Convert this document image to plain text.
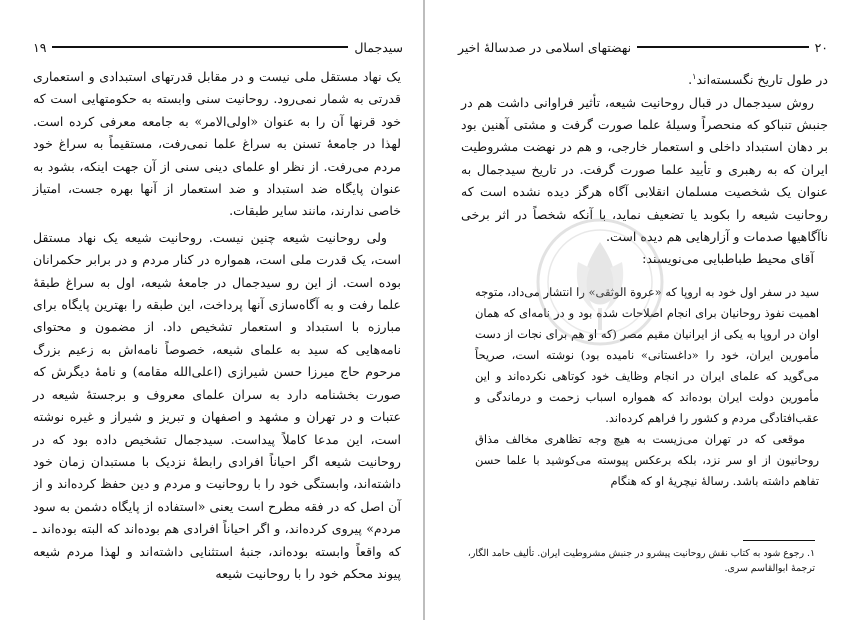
سیدجمال
۱۹

یک نهاد مستقل ملی نیست و در مقابل قدرتهای استبدادی و استعماری قدرتی به شمار نمی‌رود. روحانیت سنی وابسته به حکومتهایی است که خود قرنها آن را به عنوان «اولی‌الامر» به جامعه معرفی کرده است. لهذا در جامعهٔ تسنن به سراغ علما نمی‌رفت، مستقیماً به سراغ خود مردم می‌رفت. از نظر او علمای دینی سنی از آن جهت اینکه، بشود به عنوان پایگاه ضد استبداد و ضد استعمار از آنها بهره جست، امتیاز خاصی ندارند، مانند سایر طبقات.

ولی روحانیت شیعه چنین نیست. روحانیت شیعه یک نهاد مستقل است، یک قدرت ملی است، همواره در کنار مردم و در برابر حکمرانان بوده است. از این رو سیدجمال در جامعهٔ شیعه، اول به سراغ طبقهٔ علما رفت و به آگاه‌سازی آنها پرداخت، این طبقه را بهترین پایگاه برای مبارزه با استبداد و استعمار تشخیص داد. از مضمون و محتوای نامه‌هایی که سید به علمای شیعه، خصوصاً نامه‌اش به زعیم بزرگ مرحوم حاج میرزا حسن شیرازی (اعلی‌الله مقامه) و نامهٔ دیگرش که صورت بخشنامه دارد به سران علمای معروف و برجستهٔ شیعه در عتبات و در تهران و مشهد و اصفهان و تبریز و شیراز و غیره نوشته است، این مدعا کاملاً پیداست. سیدجمال تشخیص داده بود که در روحانیت شیعه اگر احیاناً افرادی رابطهٔ نزدیک با مستبدان زمان خود داشته‌اند، وابستگی خود را با روحانیت و مردم و دین حفظ کرده‌اند و از آن اصل که در فقه مطرح است یعنی «استفاده از پایگاه دشمن به سود مردم» پیروی کرده‌اند، و اگر احیاناً افرادی هم بوده‌اند که البته بوده‌اند ـ که واقعاً وابسته بوده‌اند، جنبهٔ استثنایی داشته‌اند و لهذا مردم شیعه پیوند محکم خود را با روحانیت شیعه

۲۰
نهضتهای اسلامی در صدسالهٔ اخیر

در طول تاریخ نگسسته‌اند$^۱$.

روش سیدجمال در قبال روحانیت شیعه، تأثیر فراوانی داشت هم در جنبش تنباکو که منحصراً وسیلهٔ علما صورت گرفت و مشتی آهنین بود بر دهان استبداد داخلی و استعمار خارجی، و هم در نهضت مشروطیت ایران که به رهبری و تأیید علما صورت گرفت. در تاریخ سیدجمال به عنوان یک شخصیت مسلمان انقلابی آگاه هرگز دیده نشده است که روحانیت شیعه را بکوبد یا تضعیف نماید، با آنکه شخصاً در اثر برخی ناآگاهیها صدمات و آزارهایی هم دیده است.

آقای محیط طباطبایی می‌نویسند:

سید در سفر اول خود به اروپا که «عروة الوثقی» را انتشار می‌داد، متوجه اهمیت نفوذ روحانیان برای انجام اصلاحات شده بود و در نامه‌ای که همان اوان در اروپا به یکی از ایرانیان مقیم مصر (که او هم برای نجات از دست مأمورین ایران، خود را «داغستانی» نامیده بود) نوشته است، صریحاً می‌گوید که علمای ایران در انجام وظایف خود کوتاهی نکرده‌اند و این مأمورین دولت ایران بوده‌اند که همواره اسباب زحمت و درماندگی و عقب‌افتادگی مردم و کشور را فراهم کرده‌اند.

موقعی که در تهران می‌زیست به هیچ وجه تظاهری مخالف مذاق روحانیون از او سر نزد، بلکه برعکس پیوسته می‌کوشید با علما حسن تفاهم داشته باشد. رسالهٔ نیچریهٔ او که هنگام

۱. رجوع شود به کتاب نقش روحانیت پیشرو در جنبش مشروطیت ایران. تألیف حامد الگار، ترجمهٔ ابوالقاسم سری.
